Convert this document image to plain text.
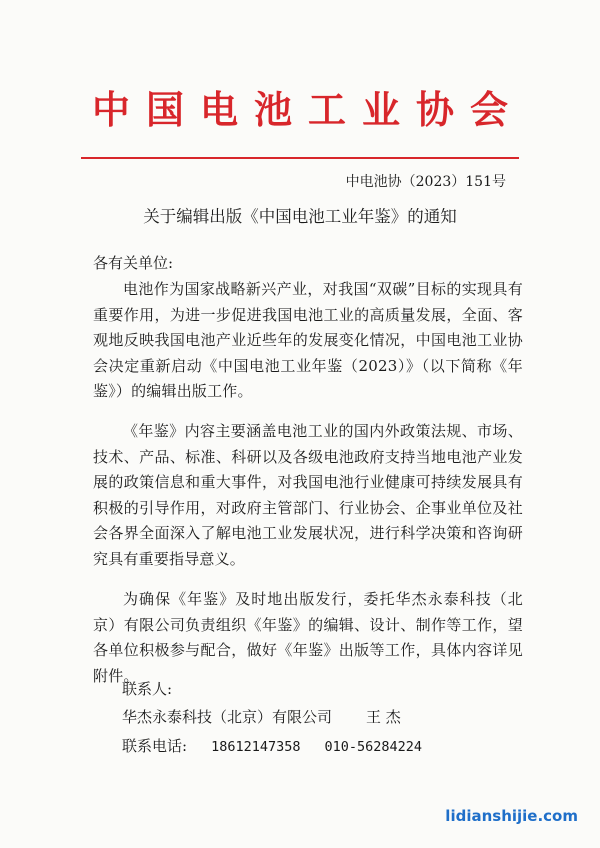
中国电池工业协会
中电池协（2023）151号
关于编辑出版《中国电池工业年鉴》的通知
各有关单位:

电池作为国家战略新兴产业，对我国“双碳”目标的实现具有重要作用，为进一步促进我国电池工业的高质量发展，全面、客观地反映我国电池产业近些年的发展变化情况，中国电池工业协会决定重新启动《中国电池工业年鉴（2023）》（以下简称《年鉴》）的编辑出版工作。

《年鉴》内容主要涵盖电池工业的国内外政策法规、市场、技术、产品、标准、科研以及各级电池政府支持当地电池产业发展的政策信息和重大事件，对我国电池行业健康可持续发展具有积极的引导作用，对政府主管部门、行业协会、企事业单位及社会各界全面深入了解电池工业发展状况，进行科学决策和咨询研究具有重要指导意义。

为确保《年鉴》及时地出版发行，委托华杰永泰科技（北京）有限公司负责组织《年鉴》的编辑、设计、制作等工作，望各单位积极参与配合，做好《年鉴》出版等工作，具体内容详见附件。

联系人:
华杰永泰科技（北京）有限公司 王 杰
联系电话: 18612147358 010-56284224
lidianshijie.com
